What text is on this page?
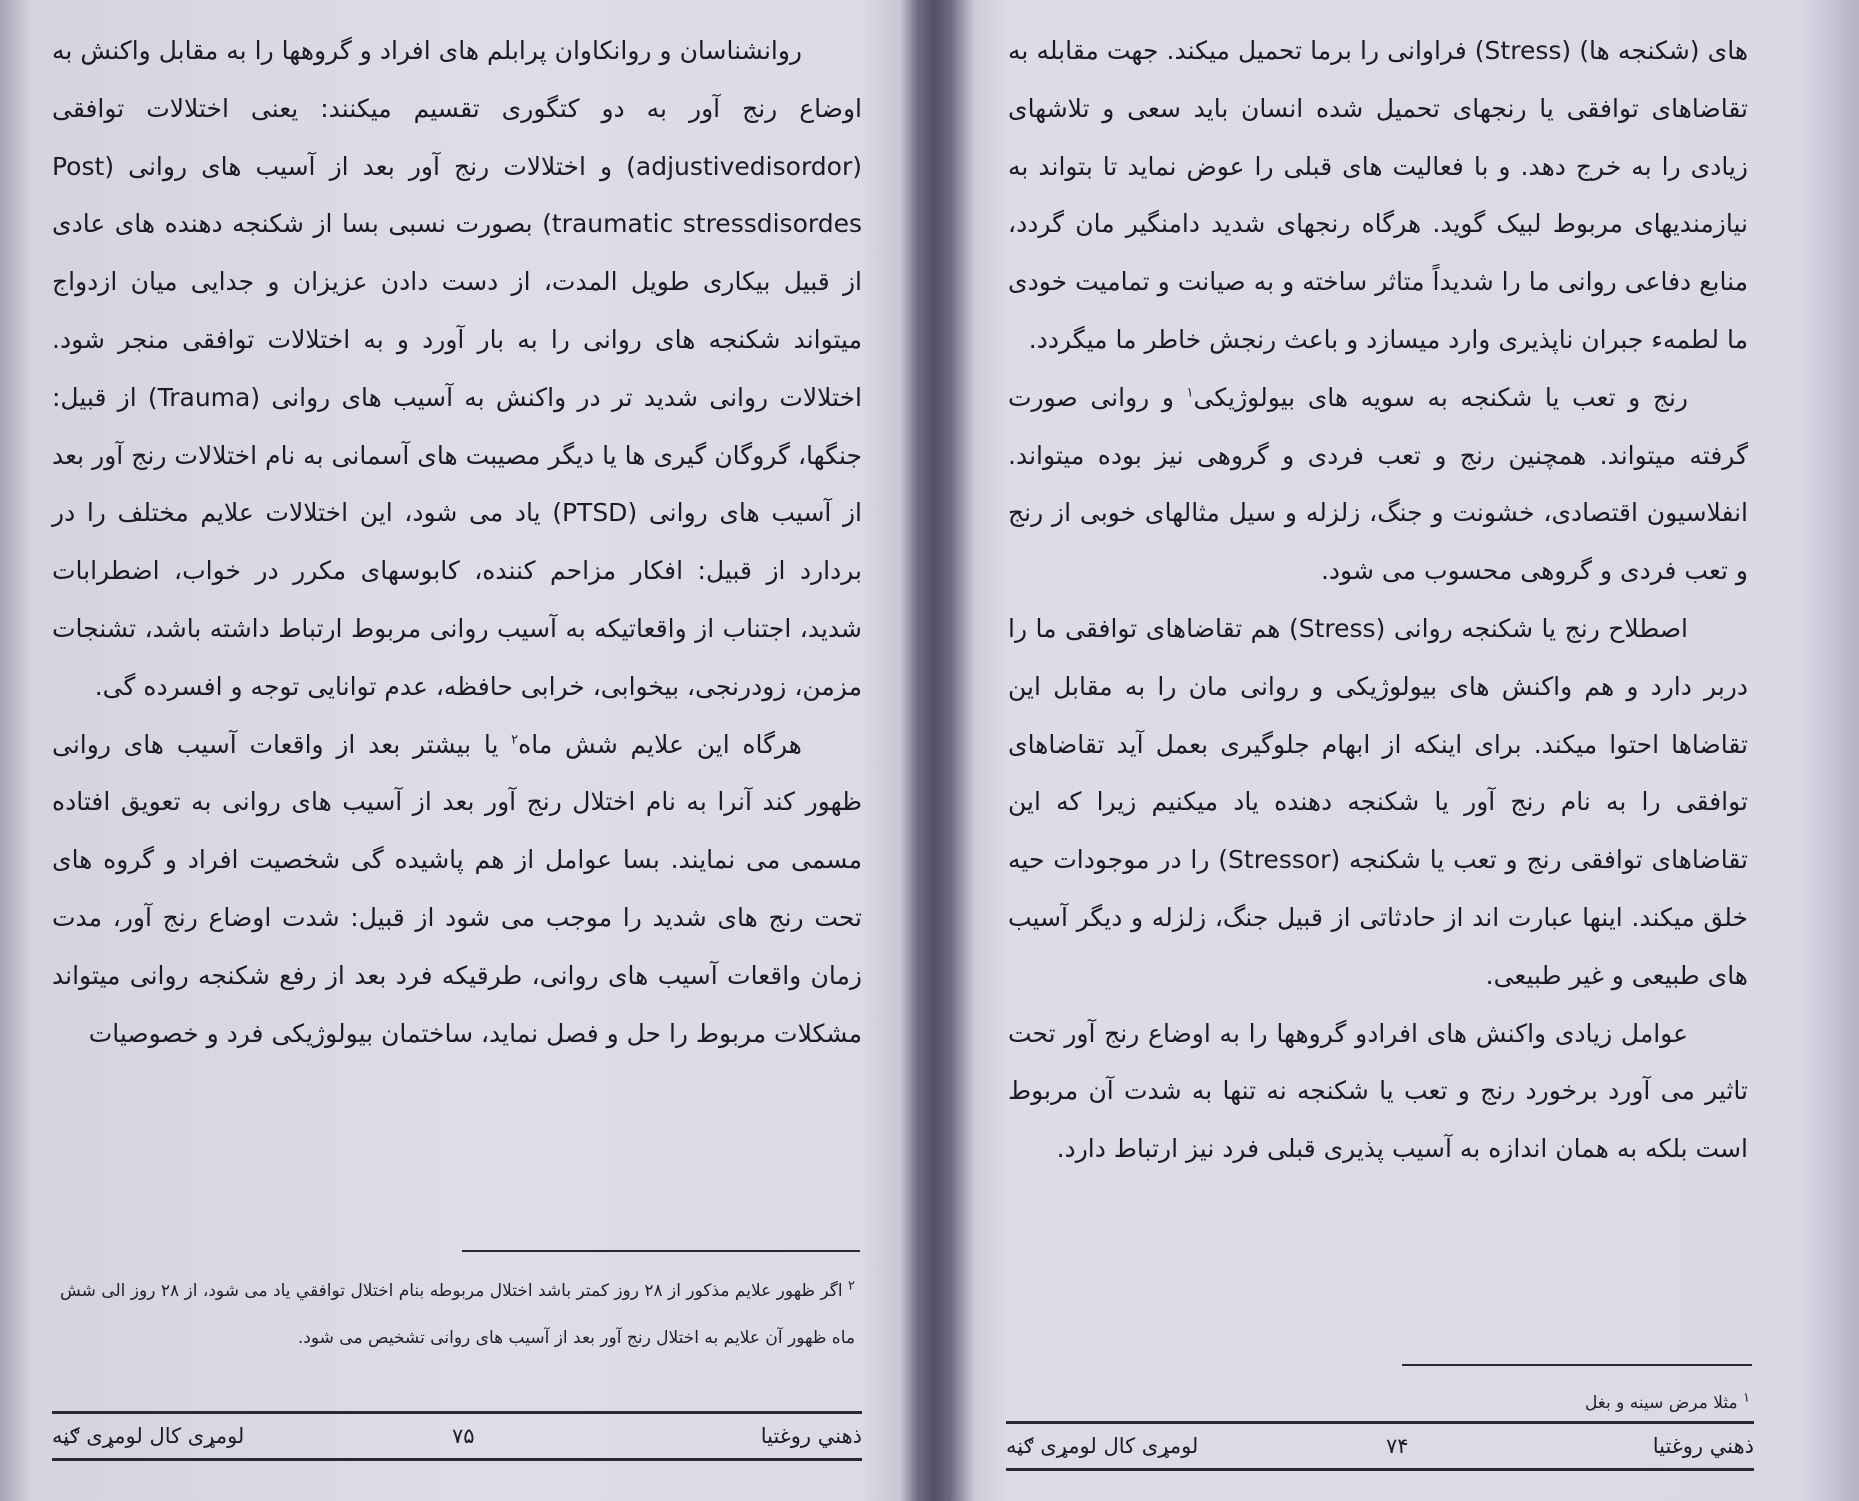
روانشناسان و روانکاوان پرابلم های افراد و گروهها را به مقابل واکنش به اوضاع رنج آور به دو کتگوری تقسیم میکنند: یعنی اختلالات توافقی (adjustivedisordor) و اختلالات رنج آور بعد از آسیب های روانی (Post traumatic stressdisordes) بصورت نسبی بسا از شکنجه دهنده های عادی از قبیل بیکاری طویل المدت، از دست دادن عزیزان و جدایی میان ازدواج میتواند شکنجه های روانی را به بار آورد و به اختلالات توافقی منجر شود. اختلالات روانی شدید تر در واکنش به آسیب های روانی (Trauma) از قبیل: جنگها، گروگان گیری ها یا دیگر مصیبت های آسمانی به نام اختلالات رنج آور بعد از آسیب های روانی (PTSD) یاد می شود، این اختلالات علایم مختلف را در بردارد از قبیل: افکار مزاحم کننده، کابوسهای مکرر در خواب، اضطرابات شدید، اجتناب از واقعاتیکه به آسیب روانی مربوط ارتباط داشته باشد، تشنجات مزمن، زودرنجی، بیخوابی، خرابی حافظه، عدم توانایی توجه و افسرده گی.

هرگاه این علایم شش ماه$^۲$ یا بیشتر بعد از واقعات آسیب های روانی ظهور کند آنرا به نام اختلال رنج آور بعد از آسیب های روانی به تعویق افتاده مسمی می نمایند. بسا عوامل از هم پاشیده گی شخصیت افراد و گروه های تحت رنج های شدید را موجب می شود از قبیل: شدت اوضاع رنج آور، مدت زمان واقعات آسیب های روانی، طرقیکه فرد بعد از رفع شکنجه روانی میتواند مشکلات مربوط را حل و فصل نماید، ساختمان بیولوژیکی فرد و خصوصیات

$^۲$ اگر ظهور علایم مذکور از ۲۸ روز کمتر باشد اختلال مربوطه بنام اختلال توافقي ياد مى شود، از ۲۸ روز الی شش ماه ظهور آن علایم به اختلال رنج آور بعد از آسیب های روانی تشخيص مى شود.
لومړی کال لومړی ګڼه	۷۵	ذهني روغتيا

های (شکنجه ها) (Stress) فراوانی را برما تحمیل میکند. جهت مقابله به تقاضاهای توافقی یا رنجهای تحمیل شده انسان باید سعی و تلاشهای زیادی را به خرج دهد. و با فعالیت های قبلی را عوض نماید تا بتواند به نیازمندیهای مربوط لبیک گوید. هرگاه رنجهای شدید دامنگیر مان گردد، منابع دفاعی روانی ما را شدیداً متاثر ساخته و به صیانت و تمامیت خودی ما لطمهء جبران ناپذیری وارد میسازد و باعث رنجش خاطر ما میگردد.

رنج و تعب یا شکنجه به سویه های بیولوژیکی$^۱$ و روانی صورت گرفته میتواند. همچنین رنج و تعب فردی و گروهی نیز بوده میتواند. انفلاسیون اقتصادی، خشونت و جنگ، زلزله و سیل مثالهای خوبی از رنج و تعب فردی و گروهی محسوب می شود.

اصطلاح رنج یا شکنجه روانی (Stress) هم تقاضاهای توافقی ما را دربر دارد و هم واکنش های بیولوژیکی و روانی مان را به مقابل این تقاضاها احتوا میکند. برای اینکه از ابهام جلوگیری بعمل آید تقاضاهای توافقی را به نام رنج آور یا شکنجه دهنده یاد میکنیم زیرا که این تقاضاهای توافقی رنج و تعب یا شکنجه (Stressor) را در موجودات حیه خلق میکند. اینها عبارت اند از حادثاتی از قبیل جنگ، زلزله و دیگر آسیب های طبیعی و غیر طبیعی.

عوامل زیادی واکنش های افرادو گروهها را به اوضاع رنج آور تحت تاثیر می آورد برخورد رنج و تعب یا شکنجه نه تنها به شدت آن مربوط است بلکه به همان اندازه به آسیب پذیری قبلی فرد نیز ارتباط دارد.

$^۱$ مثلا مرض سینه و بغل
لومړی کال لومړی ګڼه	۷۴	ذهني روغتيا
